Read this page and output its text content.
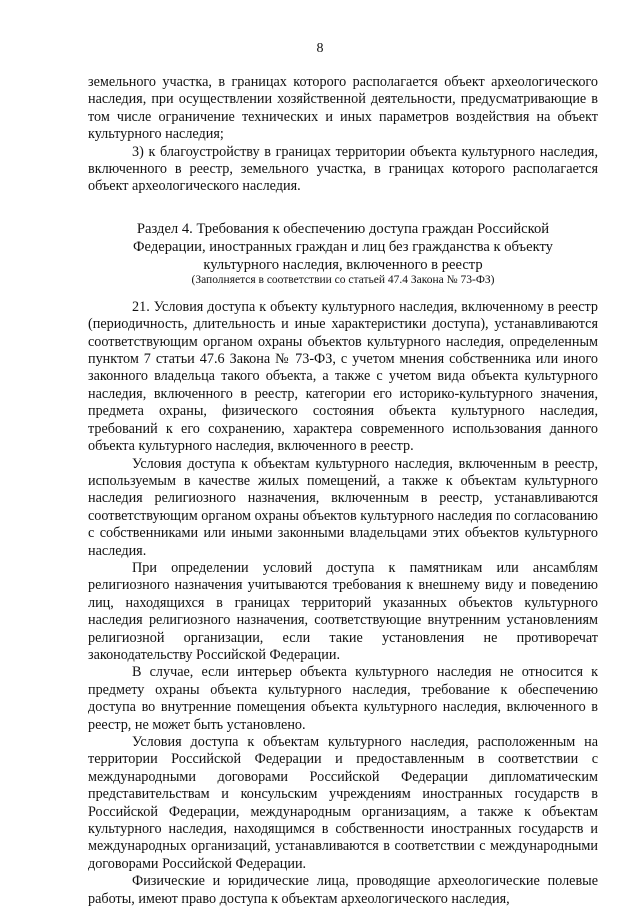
8

земельного участка, в границах которого располагается объект археологического наследия, при осуществлении хозяйственной деятельности, предусматривающие в том числе ограничение технических и иных параметров воздействия на объект культурного наследия;

3) к благоустройству в границах территории объекта культурного наследия, включенного в реестр, земельного участка, в границах которого располагается объект археологического наследия.

Раздел 4. Требования к обеспечению доступа граждан Российской
Федерации, иностранных граждан и лиц без гражданства к объекту
культурного наследия, включенного в реестр
(Заполняется в соответствии со статьей 47.4 Закона № 73-ФЗ)

21. Условия доступа к объекту культурного наследия, включенному в реестр (периодичность, длительность и иные характеристики доступа), устанавливаются соответствующим органом охраны объектов культурного наследия, определенным пунктом 7 статьи 47.6 Закона № 73-ФЗ, с учетом мнения собственника или иного законного владельца такого объекта, а также с учетом вида объекта культурного наследия, включенного в реестр, категории его историко-культурного значения, предмета охраны, физического состояния объекта культурного наследия, требований к его сохранению, характера современного использования данного объекта культурного наследия, включенного в реестр.

Условия доступа к объектам культурного наследия, включенным в реестр, используемым в качестве жилых помещений, а также к объектам культурного наследия религиозного назначения, включенным в реестр, устанавливаются соответствующим органом охраны объектов культурного наследия по согласованию с собственниками или иными законными владельцами этих объектов культурного наследия.

При определении условий доступа к памятникам или ансамблям религиозного назначения учитываются требования к внешнему виду и поведению лиц, находящихся в границах территорий указанных объектов культурного наследия религиозного назначения, соответствующие внутренним установлениям религиозной организации, если такие установления не противоречат законодательству Российской Федерации.

В случае, если интерьер объекта культурного наследия не относится к предмету охраны объекта культурного наследия, требование к обеспечению доступа во внутренние помещения объекта культурного наследия, включенного в реестр, не может быть установлено.

Условия доступа к объектам культурного наследия, расположенным на территории Российской Федерации и предоставленным в соответствии с международными договорами Российской Федерации дипломатическим представительствам и консульским учреждениям иностранных государств в Российской Федерации, международным организациям, а также к объектам культурного наследия, находящимся в собственности иностранных государств и международных организаций, устанавливаются в соответствии с международными договорами Российской Федерации.

Физические и юридические лица, проводящие археологические полевые работы, имеют право доступа к объектам археологического наследия,
